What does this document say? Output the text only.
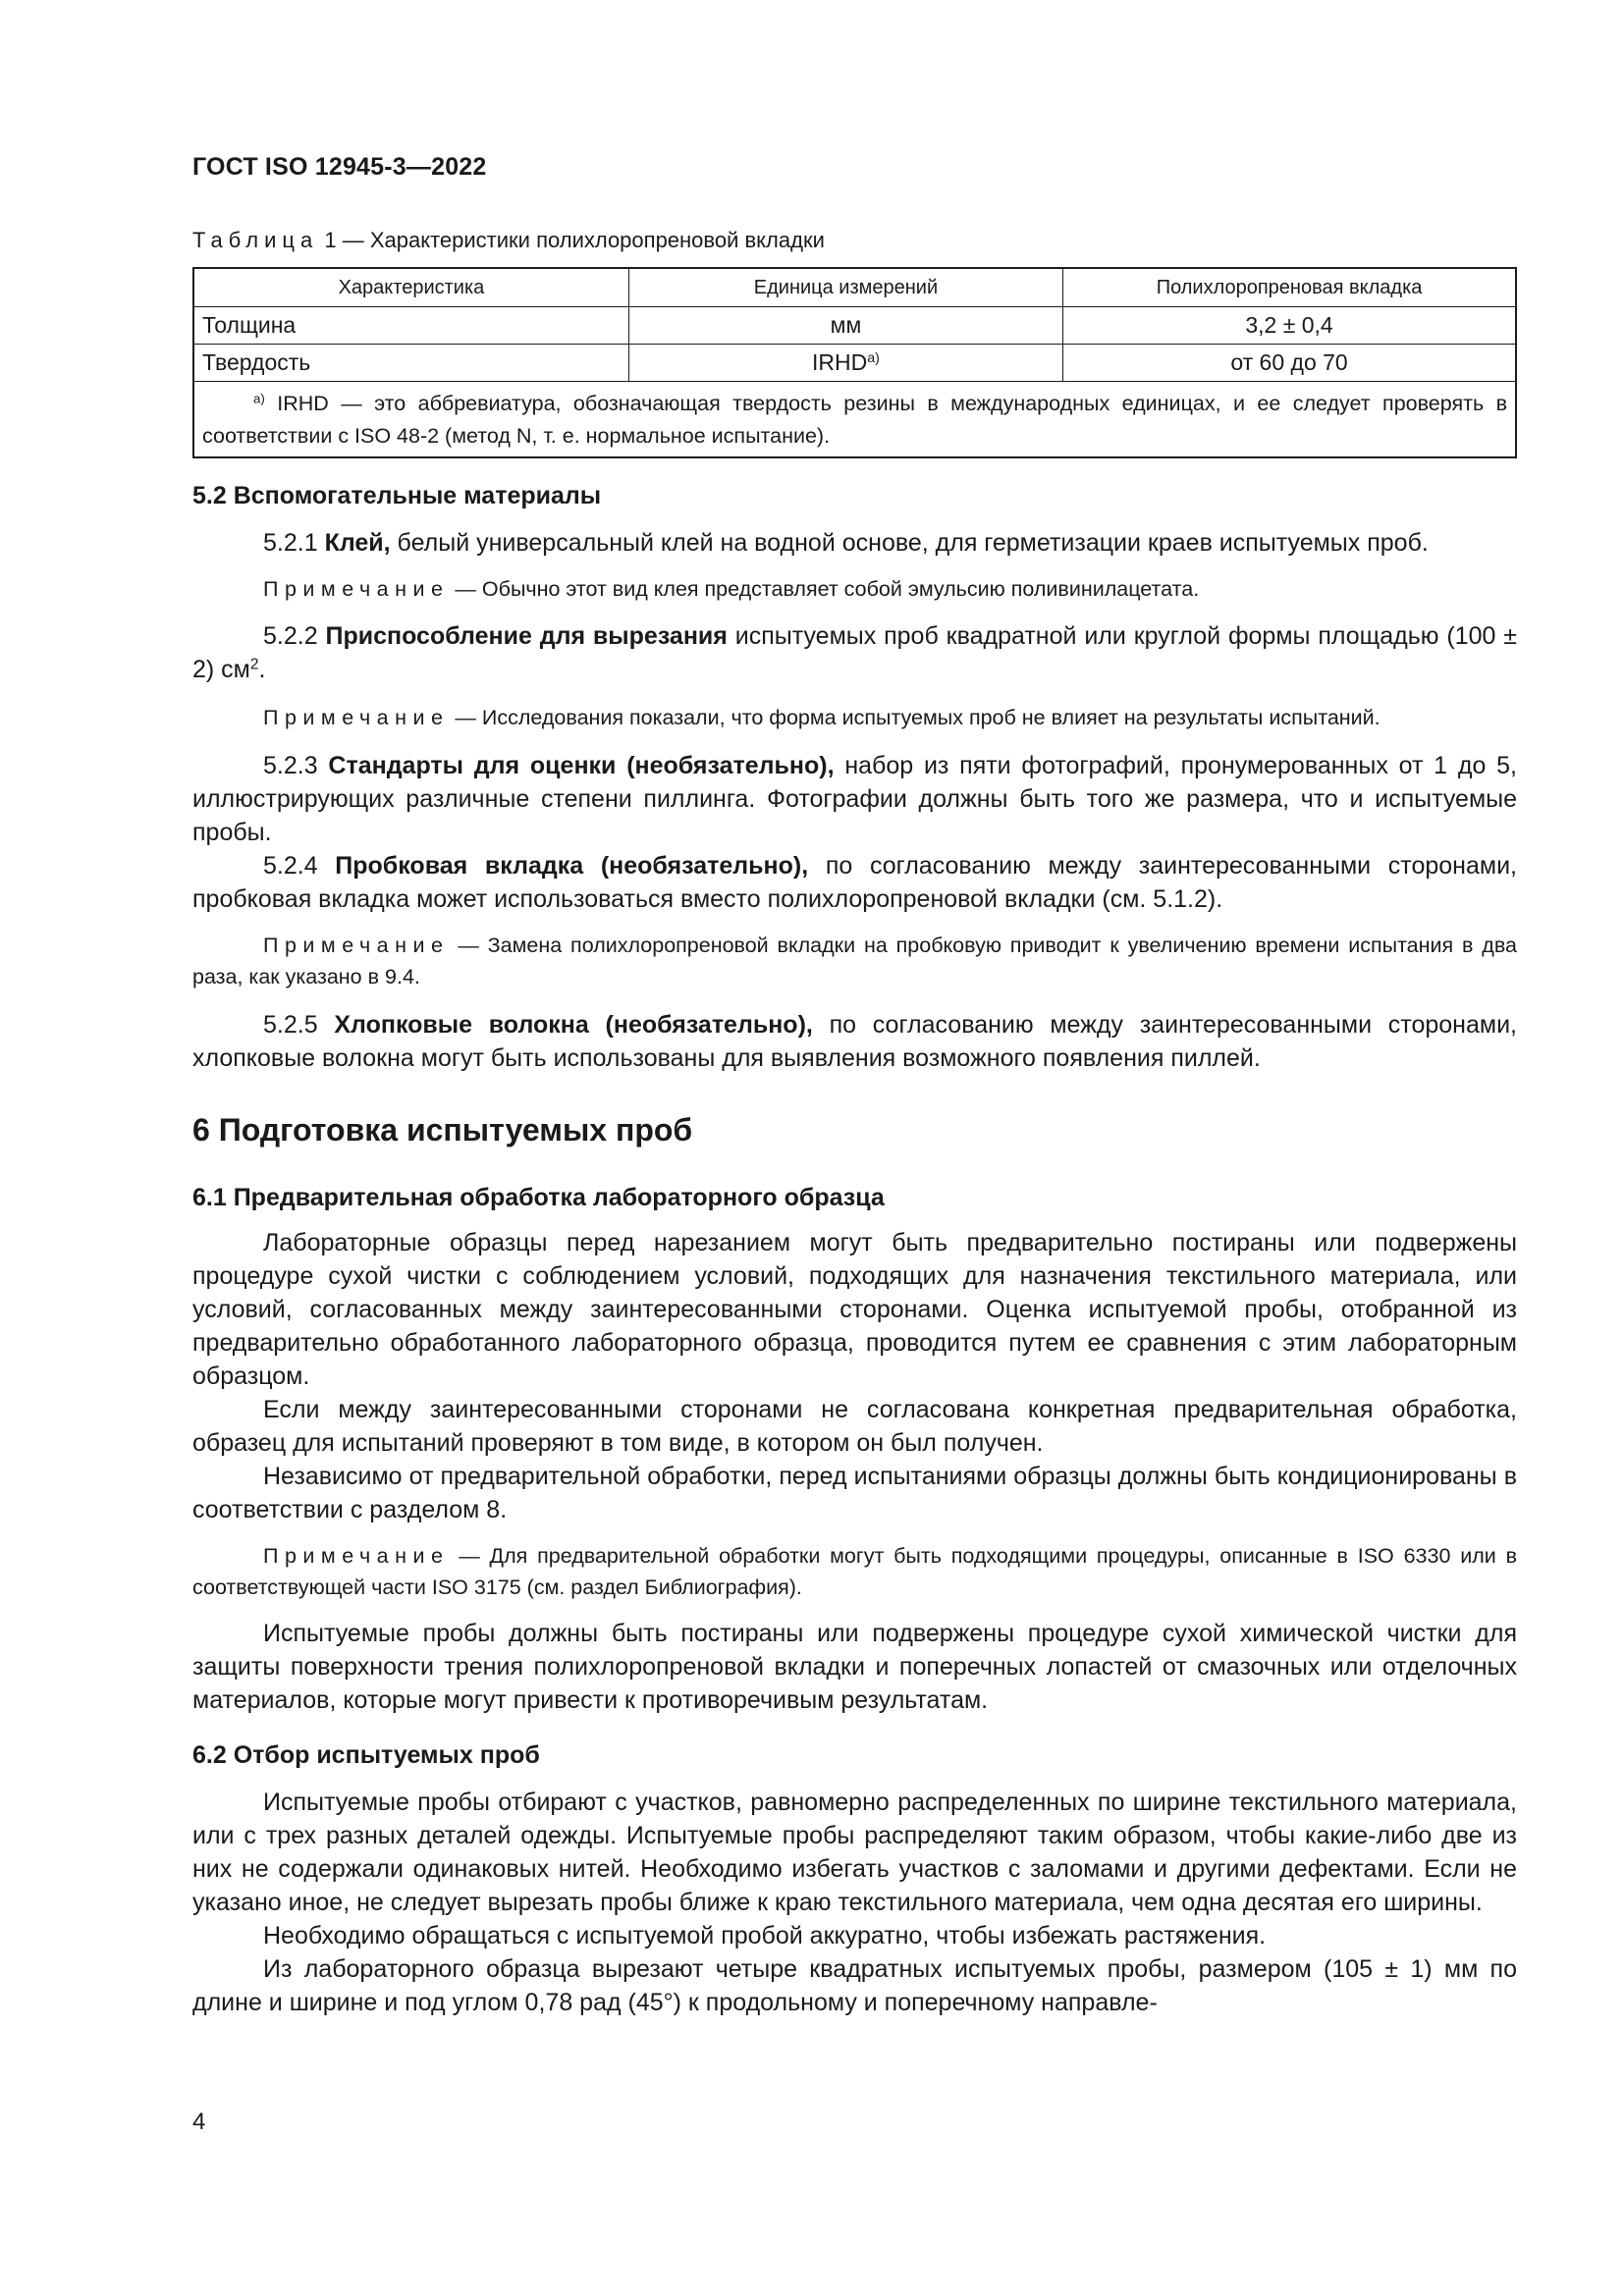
ГОСТ ISO 12945-3—2022
Таблица 1 — Характеристики полихлоропреновой вкладки
Характеристика	Единица измерений	Полихлоропреновая вкладка
Толщина	мм	3,2 ± 0,4
Твердость	IRHD$^{a)}$	от 60 до 70
$^{a)}$ IRHD — это аббревиатура, обозначающая твердость резины в международных единицах, и ее следует проверять в соответствии с ISO 48-2 (метод N, т. е. нормальное испытание).		

5.2 Вспомогательные материалы

5.2.1 Клей, белый универсальный клей на водной основе, для герметизации краев испытуемых проб.

Примечание — Обычно этот вид клея представляет собой эмульсию поливинилацетата.

5.2.2 Приспособление для вырезания испытуемых проб квадратной или круглой формы площадью (100 ± 2) $см^2$.

Примечание — Исследования показали, что форма испытуемых проб не влияет на результаты испытаний.

5.2.3 Стандарты для оценки (необязательно), набор из пяти фотографий, пронумерованных от 1 до 5, иллюстрирующих различные степени пиллинга. Фотографии должны быть того же размера, что и испытуемые пробы.

5.2.4 Пробковая вкладка (необязательно), по согласованию между заинтересованными сторонами, пробковая вкладка может использоваться вместо полихлоропреновой вкладки (см. 5.1.2).

Примечание — Замена полихлоропреновой вкладки на пробковую приводит к увеличению времени испытания в два раза, как указано в 9.4.

5.2.5 Хлопковые волокна (необязательно), по согласованию между заинтересованными сторонами, хлопковые волокна могут быть использованы для выявления возможного появления пиллей.

6 Подготовка испытуемых проб

6.1 Предварительная обработка лабораторного образца

Лабораторные образцы перед нарезанием могут быть предварительно постираны или подвержены процедуре сухой чистки с соблюдением условий, подходящих для назначения текстильного материала, или условий, согласованных между заинтересованными сторонами. Оценка испытуемой пробы, отобранной из предварительно обработанного лабораторного образца, проводится путем ее сравнения с этим лабораторным образцом.

Если между заинтересованными сторонами не согласована конкретная предварительная обработка, образец для испытаний проверяют в том виде, в котором он был получен.

Независимо от предварительной обработки, перед испытаниями образцы должны быть кондиционированы в соответствии с разделом 8.

Примечание — Для предварительной обработки могут быть подходящими процедуры, описанные в ISO 6330 или в соответствующей части ISO 3175 (см. раздел Библиография).

Испытуемые пробы должны быть постираны или подвержены процедуре сухой химической чистки для защиты поверхности трения полихлоропреновой вкладки и поперечных лопастей от смазочных или отделочных материалов, которые могут привести к противоречивым результатам.

6.2 Отбор испытуемых проб

Испытуемые пробы отбирают с участков, равномерно распределенных по ширине текстильного материала, или с трех разных деталей одежды. Испытуемые пробы распределяют таким образом, чтобы какие-либо две из них не содержали одинаковых нитей. Необходимо избегать участков с заломами и другими дефектами. Если не указано иное, не следует вырезать пробы ближе к краю текстильного материала, чем одна десятая его ширины.

Необходимо обращаться с испытуемой пробой аккуратно, чтобы избежать растяжения.

Из лабораторного образца вырезают четыре квадратных испытуемых пробы, размером (105 ± 1) мм по длине и ширине и под углом 0,78 рад (45°) к продольному и поперечному направле-

4
